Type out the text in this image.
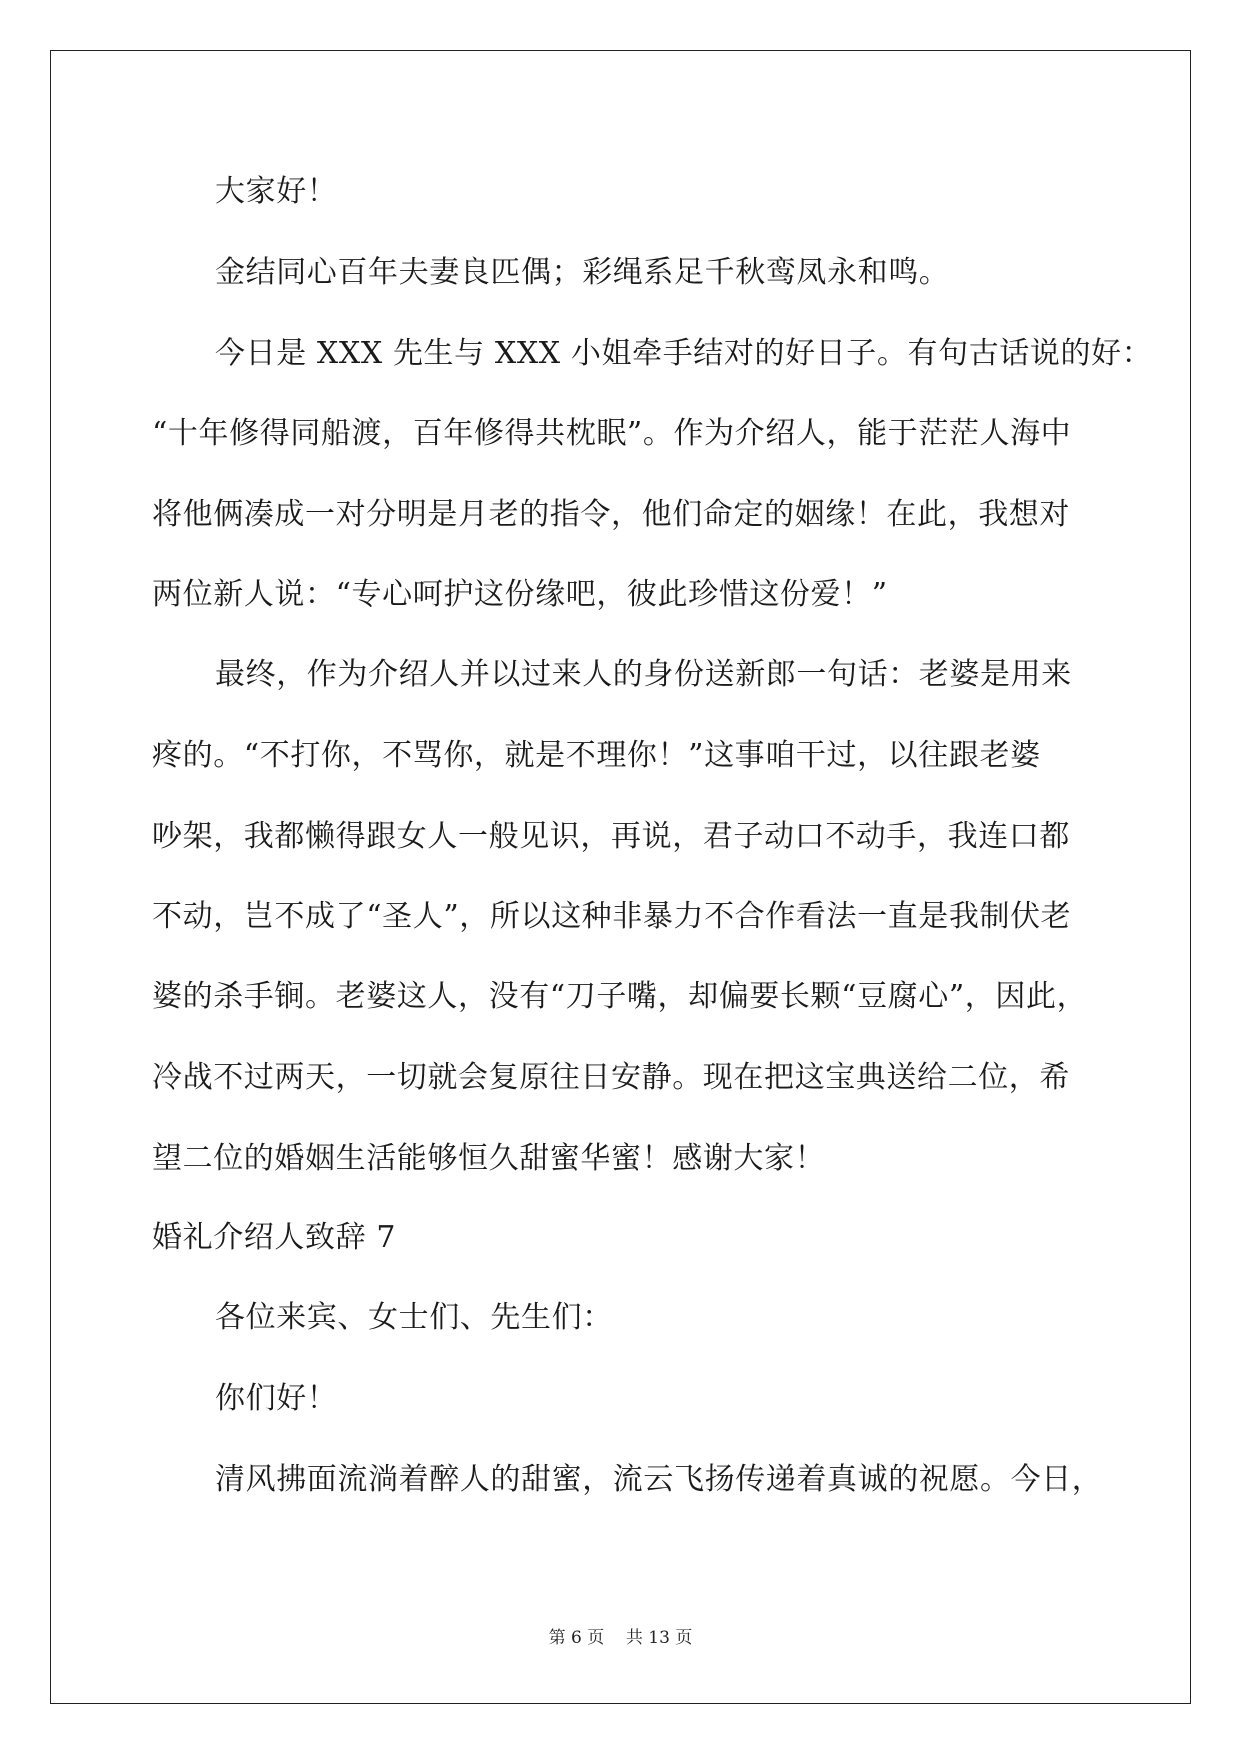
大家好！
金结同心百年夫妻良匹偶；彩绳系足千秋鸾凤永和鸣。
今日是 XXX 先生与 XXX 小姐牵手结对的好日子。有句古话说的好：
“十年修得同船渡，百年修得共枕眠”。作为介绍人，能于茫茫人海中
将他俩凑成一对分明是月老的指令，他们命定的姻缘！在此，我想对
两位新人说：“专心呵护这份缘吧，彼此珍惜这份爱！”
最终，作为介绍人并以过来人的身份送新郎一句话：老婆是用来
疼的。“不打你，不骂你，就是不理你！”这事咱干过，以往跟老婆
吵架，我都懒得跟女人一般见识，再说，君子动口不动手，我连口都
不动，岂不成了“圣人”，所以这种非暴力不合作看法一直是我制伏老
婆的杀手锏。老婆这人，没有“刀子嘴，却偏要长颗“豆腐心”，因此，
冷战不过两天，一切就会复原往日安静。现在把这宝典送给二位，希
望二位的婚姻生活能够恒久甜蜜华蜜！感谢大家！
婚礼介绍人致辞 7
各位来宾、女士们、先生们：
你们好！
清风拂面流淌着醉人的甜蜜，流云飞扬传递着真诚的祝愿。今日，
第 6 页 共 13 页
